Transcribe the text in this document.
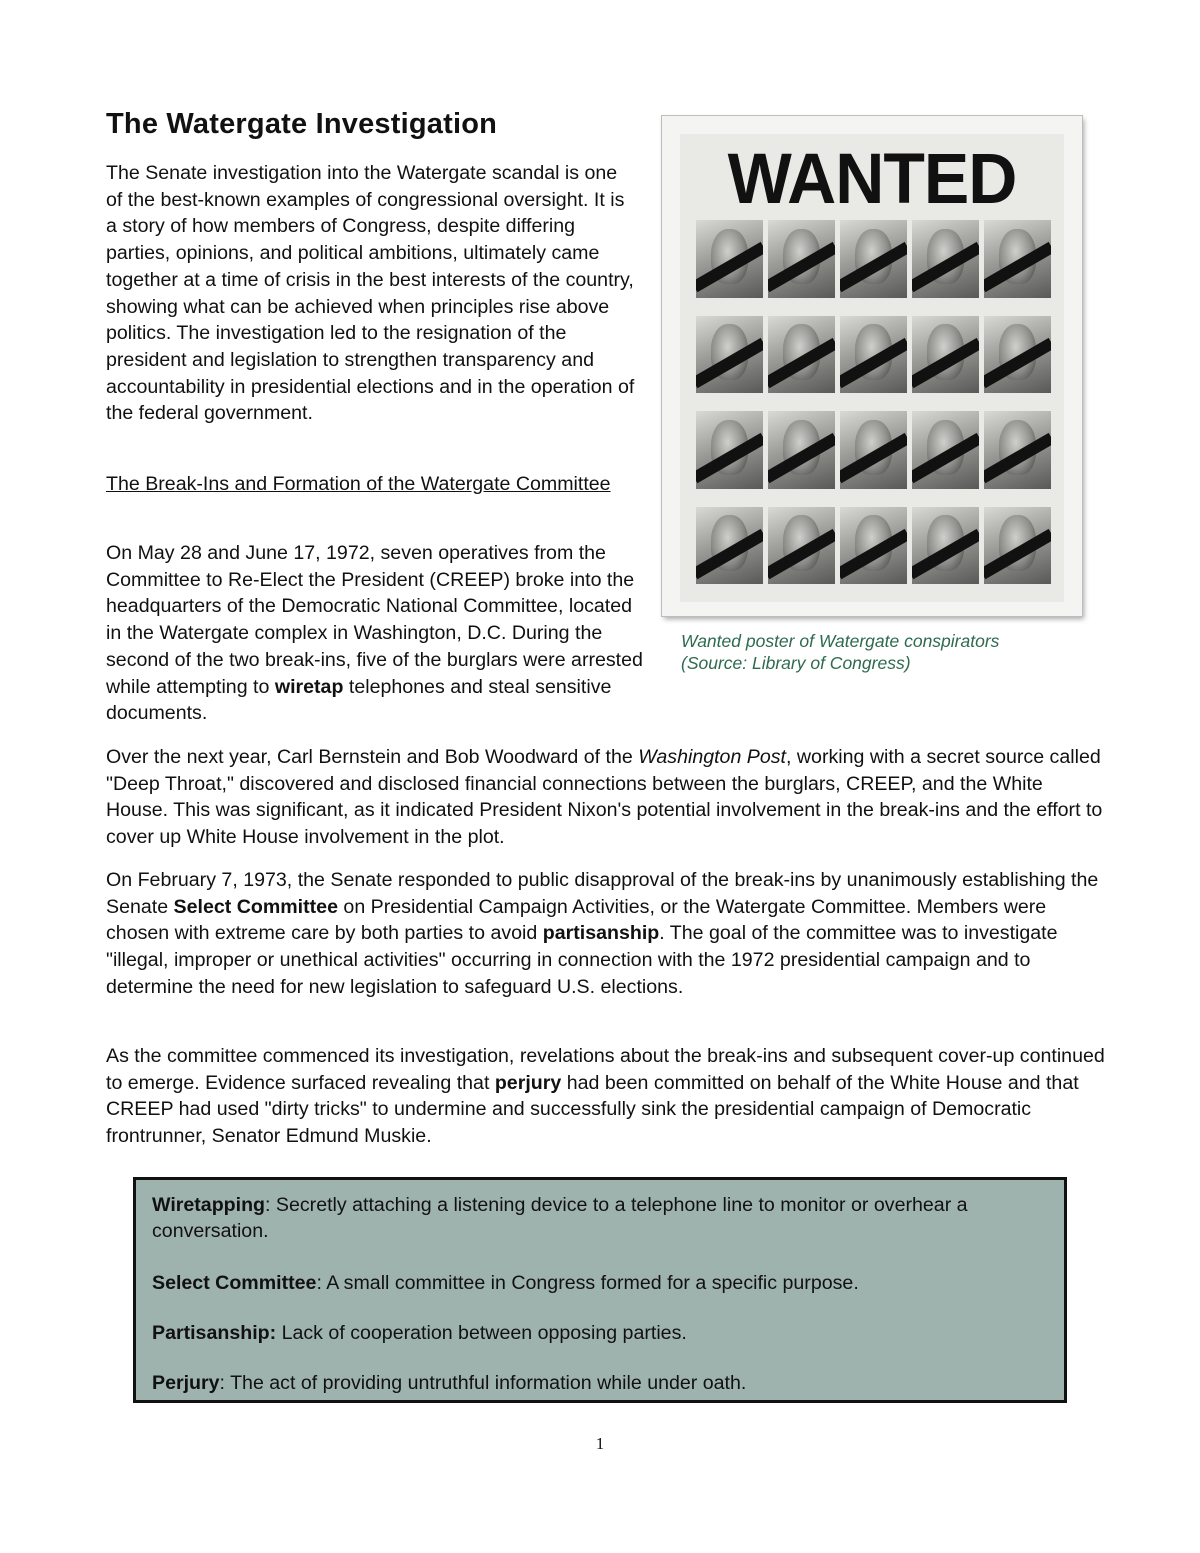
The Watergate Investigation

The Senate investigation into the Watergate scandal is one of the best-known examples of congressional oversight. It is a story of how members of Congress, despite differing parties, opinions, and political ambitions, ultimately came together at a time of crisis in the best interests of the country, showing what can be achieved when principles rise above politics. The investigation led to the resignation of the president and legislation to strengthen transparency and accountability in presidential elections and in the operation of the federal government.

The Break-Ins and Formation of the Watergate Committee

On May 28 and June 17, 1972, seven operatives from the Committee to Re-Elect the President (CREEP) broke into the headquarters of the Democratic National Committee, located in the Watergate complex in Washington, D.C. During the second of the two break-ins, five of the burglars were arrested while attempting to wiretap telephones and steal sensitive documents.

WANTED

Wanted poster of Watergate conspirators
(Source: Library of Congress)

Over the next year, Carl Bernstein and Bob Woodward of the Washington Post, working with a secret source called "Deep Throat," discovered and disclosed financial connections between the burglars, CREEP, and the White House. This was significant, as it indicated President Nixon's potential involvement in the break-ins and the effort to cover up White House involvement in the plot.

On February 7, 1973, the Senate responded to public disapproval of the break-ins by unanimously establishing the Senate Select Committee on Presidential Campaign Activities, or the Watergate Committee. Members were chosen with extreme care by both parties to avoid partisanship. The goal of the committee was to investigate "illegal, improper or unethical activities" occurring in connection with the 1972 presidential campaign and to determine the need for new legislation to safeguard U.S. elections.

As the committee commenced its investigation, revelations about the break-ins and subsequent cover-up continued to emerge. Evidence surfaced revealing that perjury had been committed on behalf of the White House and that CREEP had used "dirty tricks" to undermine and successfully sink the presidential campaign of Democratic frontrunner, Senator Edmund Muskie.

Wiretapping: Secretly attaching a listening device to a telephone line to monitor or overhear a conversation.

Select Committee: A small committee in Congress formed for a specific purpose.

Partisanship: Lack of cooperation between opposing parties.

Perjury: The act of providing untruthful information while under oath.

1
